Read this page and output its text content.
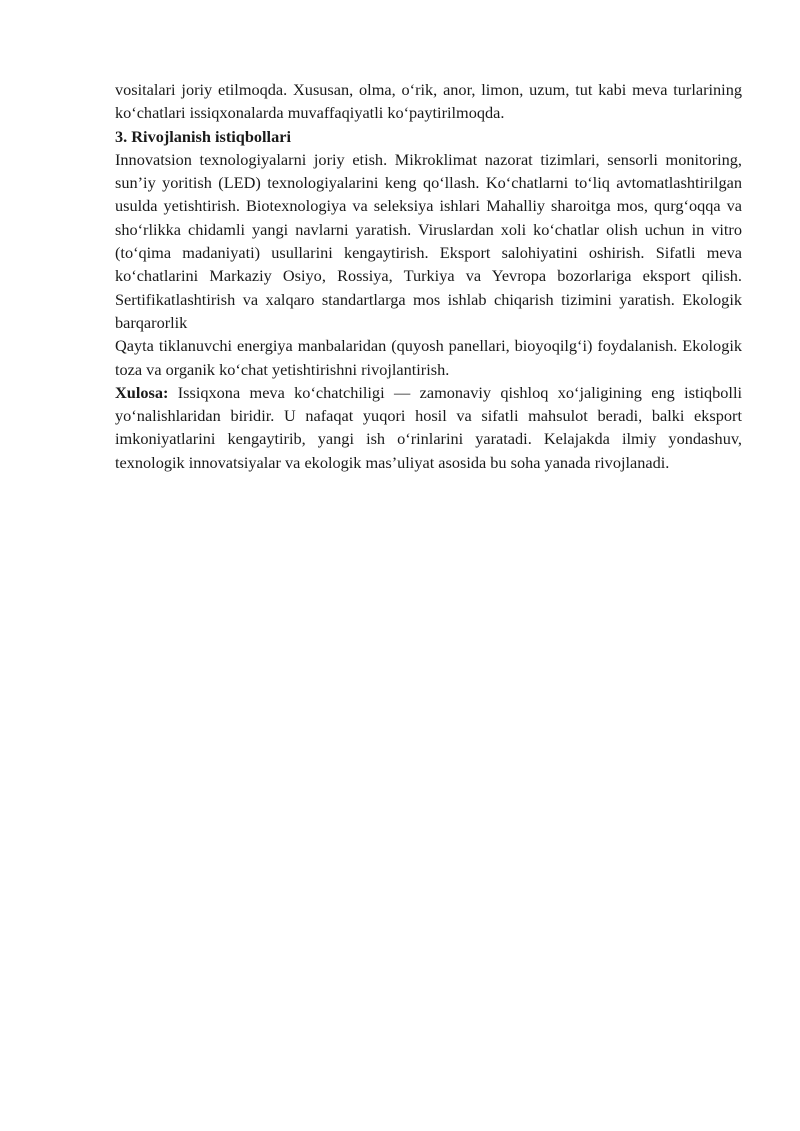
vositalari joriy etilmoqda. Xususan, olma, o‘rik, anor, limon, uzum, tut kabi meva turlarining ko‘chatlari issiqxonalarda muvaffaqiyatli ko‘paytirilmoqda.

3. Rivojlanish istiqbollari

Innovatsion texnologiyalarni joriy etish. Mikroklimat nazorat tizimlari, sensorli monitoring, sun’iy yoritish (LED) texnologiyalarini keng qo‘llash. Ko‘chatlarni to‘liq avtomatlashtirilgan usulda yetishtirish. Biotexnologiya va seleksiya ishlari Mahalliy sharoitga mos, qurg‘oqqa va sho‘rlikka chidamli yangi navlarni yaratish. Viruslardan xoli ko‘chatlar olish uchun in vitro (to‘qima madaniyati) usullarini kengaytirish. Eksport salohiyatini oshirish. Sifatli meva ko‘chatlarini Markaziy Osiyo, Rossiya, Turkiya va Yevropa bozorlariga eksport qilish. Sertifikatlashtirish va xalqaro standartlarga mos ishlab chiqarish tizimini yaratish. Ekologik barqarorlik

Qayta tiklanuvchi energiya manbalaridan (quyosh panellari, bioyoqilg‘i) foydalanish. Ekologik toza va organik ko‘chat yetishtirishni rivojlantirish.

Xulosa: Issiqxona meva ko‘chatchiligi — zamonaviy qishloq xo‘jaligining eng istiqbolli yo‘nalishlaridan biridir. U nafaqat yuqori hosil va sifatli mahsulot beradi, balki eksport imkoniyatlarini kengaytirib, yangi ish o‘rinlarini yaratadi. Kelajakda ilmiy yondashuv, texnologik innovatsiyalar va ekologik mas’uliyat asosida bu soha yanada rivojlanadi.
